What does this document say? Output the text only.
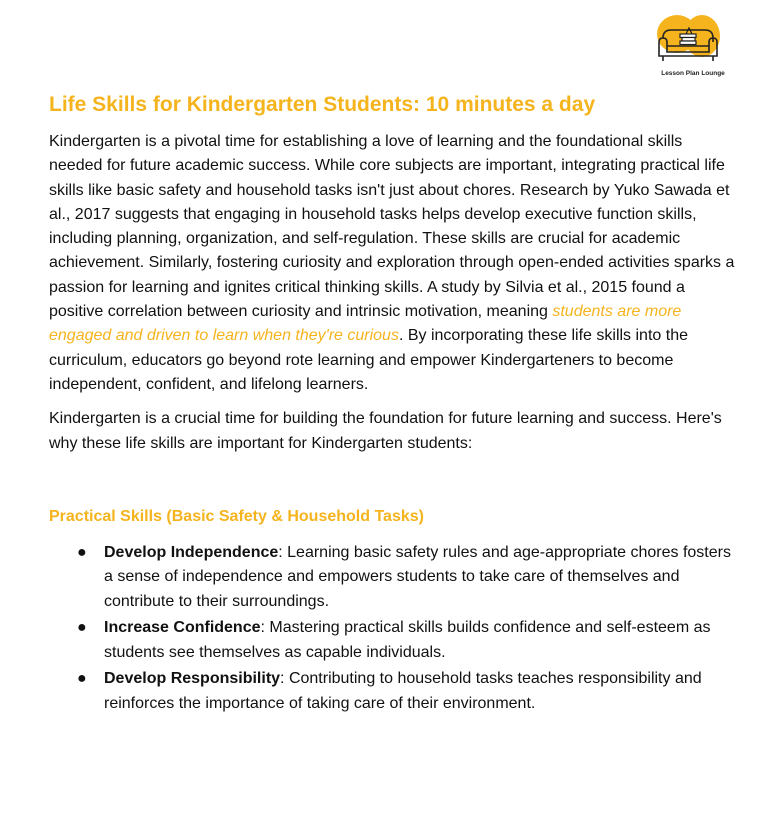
Lesson Plan Lounge
Life Skills for Kindergarten Students: 10 minutes a day

Kindergarten is a pivotal time for establishing a love of learning and the foundational skills needed for future academic success. While core subjects are important, integrating practical life skills like basic safety and household tasks isn't just about chores. Research by Yuko Sawada et al., 2017 suggests that engaging in household tasks helps develop executive function skills, including planning, organization, and self-regulation. These skills are crucial for academic achievement. Similarly, fostering curiosity and exploration through open-ended activities sparks a passion for learning and ignites critical thinking skills. A study by Silvia et al., 2015 found a positive correlation between curiosity and intrinsic motivation, meaning students are more engaged and driven to learn when they're curious. By incorporating these life skills into the curriculum, educators go beyond rote learning and empower Kindergarteners to become independent, confident, and lifelong learners.

Kindergarten is a crucial time for building the foundation for future learning and success. Here's why these life skills are important for Kindergarten students:

Practical Skills (Basic Safety & Household Tasks)
● Develop Independence: Learning basic safety rules and age-appropriate chores fosters a sense of independence and empowers students to take care of themselves and contribute to their surroundings.
● Increase Confidence: Mastering practical skills builds confidence and self-esteem as students see themselves as capable individuals.
● Develop Responsibility: Contributing to household tasks teaches responsibility and reinforces the importance of taking care of their environment.
